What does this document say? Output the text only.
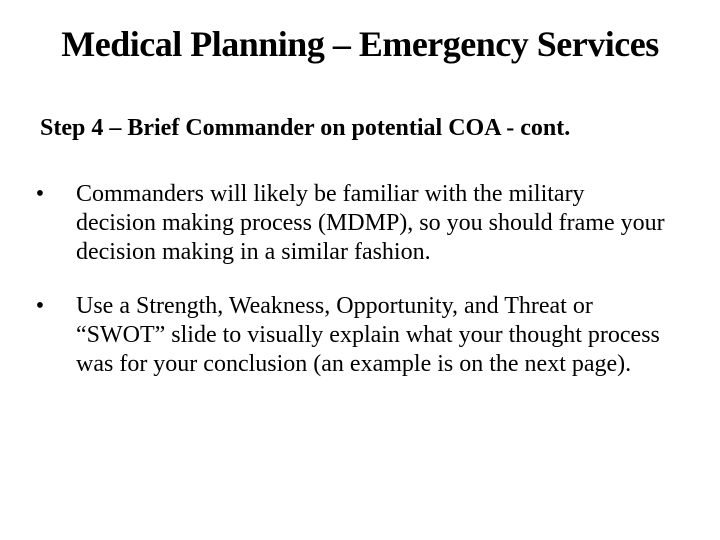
Medical Planning – Emergency Services
Step 4 – Brief Commander on potential COA - cont.
• Commanders will likely be familiar with the military decision making process (MDMP), so you should frame your decision making in a similar fashion.
• Use a Strength, Weakness, Opportunity, and Threat or “SWOT” slide to visually explain what your thought process was for your conclusion (an example is on the next page).
